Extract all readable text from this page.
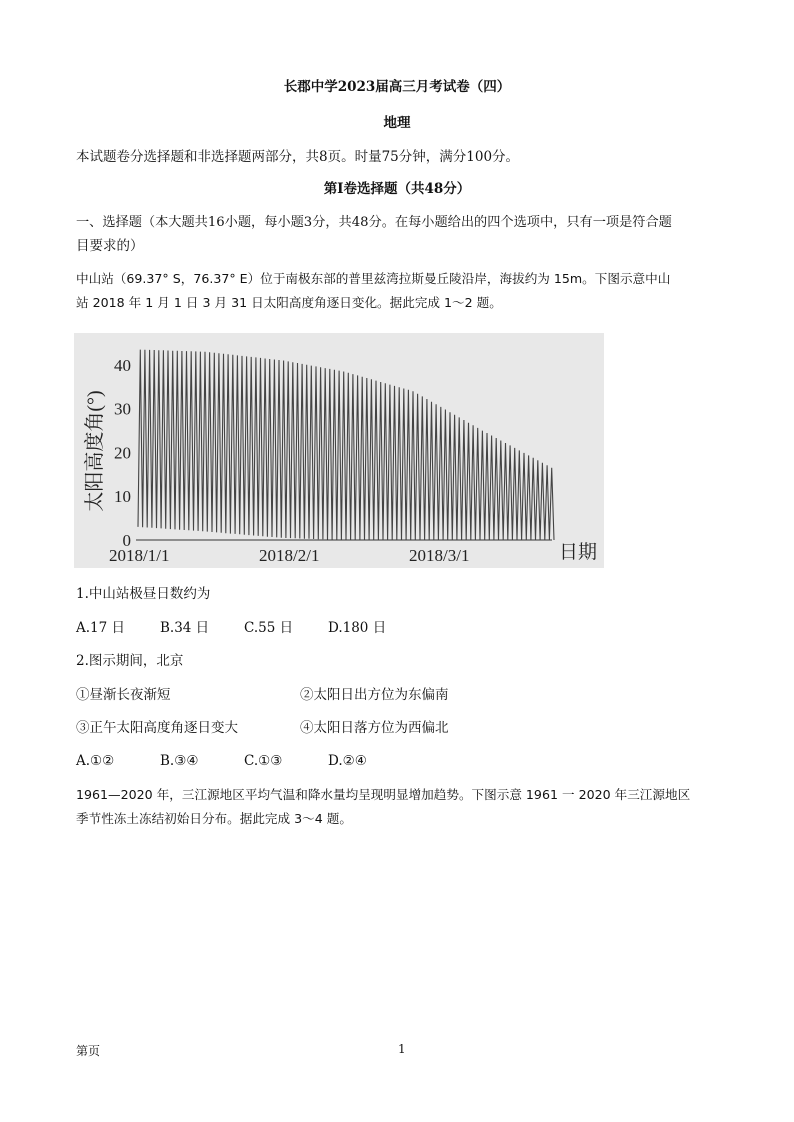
长郡中学2023届高三月考试卷（四）
地理
本试题卷分选择题和非选择题两部分，共8页。时量75分钟，满分100分。
第Ⅰ卷选择题（共48分）
一、选择题（本大题共16小题，每小题3分，共48分。在每小题给出的四个选项中，只有一项是符合题
目要求的）
中山站（69.37° S，76.37° E）位于南极东部的普里兹湾拉斯曼丘陵沿岸，海拔约为 15m。下图示意中山
站 2018 年 1 月 1 日 3 月 31 日太阳高度角逐日变化。据此完成 1～2 题。
太阳高度角(°)
0
10
20
30
40
2018/1/1	2018/2/1	2018/3/1	日期
1.中山站极昼日数约为
A.17 日	B.34 日	C.55 日	D.180 日
2.图示期间，北京
①昼渐长夜渐短	②太阳日出方位为东偏南
③正午太阳高度角逐日变大	④太阳日落方位为西偏北
A.①②	B.③④	C.①③	D.②④
1961—2020 年，三江源地区平均气温和降水量均呈现明显增加趋势。下图示意 1961 一 2020 年三江源地区
季节性冻土冻结初始日分布。据此完成 3～4 题。
第页	1
